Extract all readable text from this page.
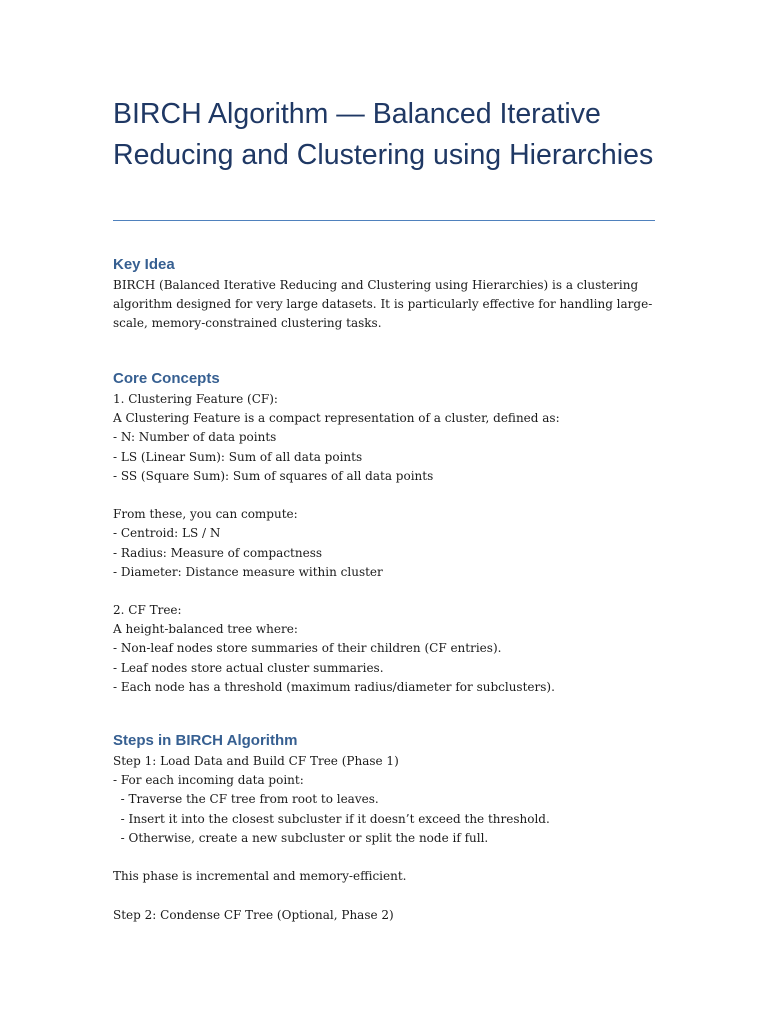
BIRCH Algorithm — Balanced Iterative Reducing and Clustering using Hierarchies
Key Idea
BIRCH (Balanced Iterative Reducing and Clustering using Hierarchies) is a clustering
algorithm designed for very large datasets. It is particularly effective for handling large-
scale, memory-constrained clustering tasks.
Core Concepts
1. Clustering Feature (CF):
A Clustering Feature is a compact representation of a cluster, defined as:
- N: Number of data points
- LS (Linear Sum): Sum of all data points
- SS (Square Sum): Sum of squares of all data points
From these, you can compute:
- Centroid: LS / N
- Radius: Measure of compactness
- Diameter: Distance measure within cluster
2. CF Tree:
A height-balanced tree where:
- Non-leaf nodes store summaries of their children (CF entries).
- Leaf nodes store actual cluster summaries.
- Each node has a threshold (maximum radius/diameter for subclusters).
Steps in BIRCH Algorithm
Step 1: Load Data and Build CF Tree (Phase 1)
- For each incoming data point:
- Traverse the CF tree from root to leaves.
- Insert it into the closest subcluster if it doesn’t exceed the threshold.
- Otherwise, create a new subcluster or split the node if full.
This phase is incremental and memory-efficient.
Step 2: Condense CF Tree (Optional, Phase 2)
